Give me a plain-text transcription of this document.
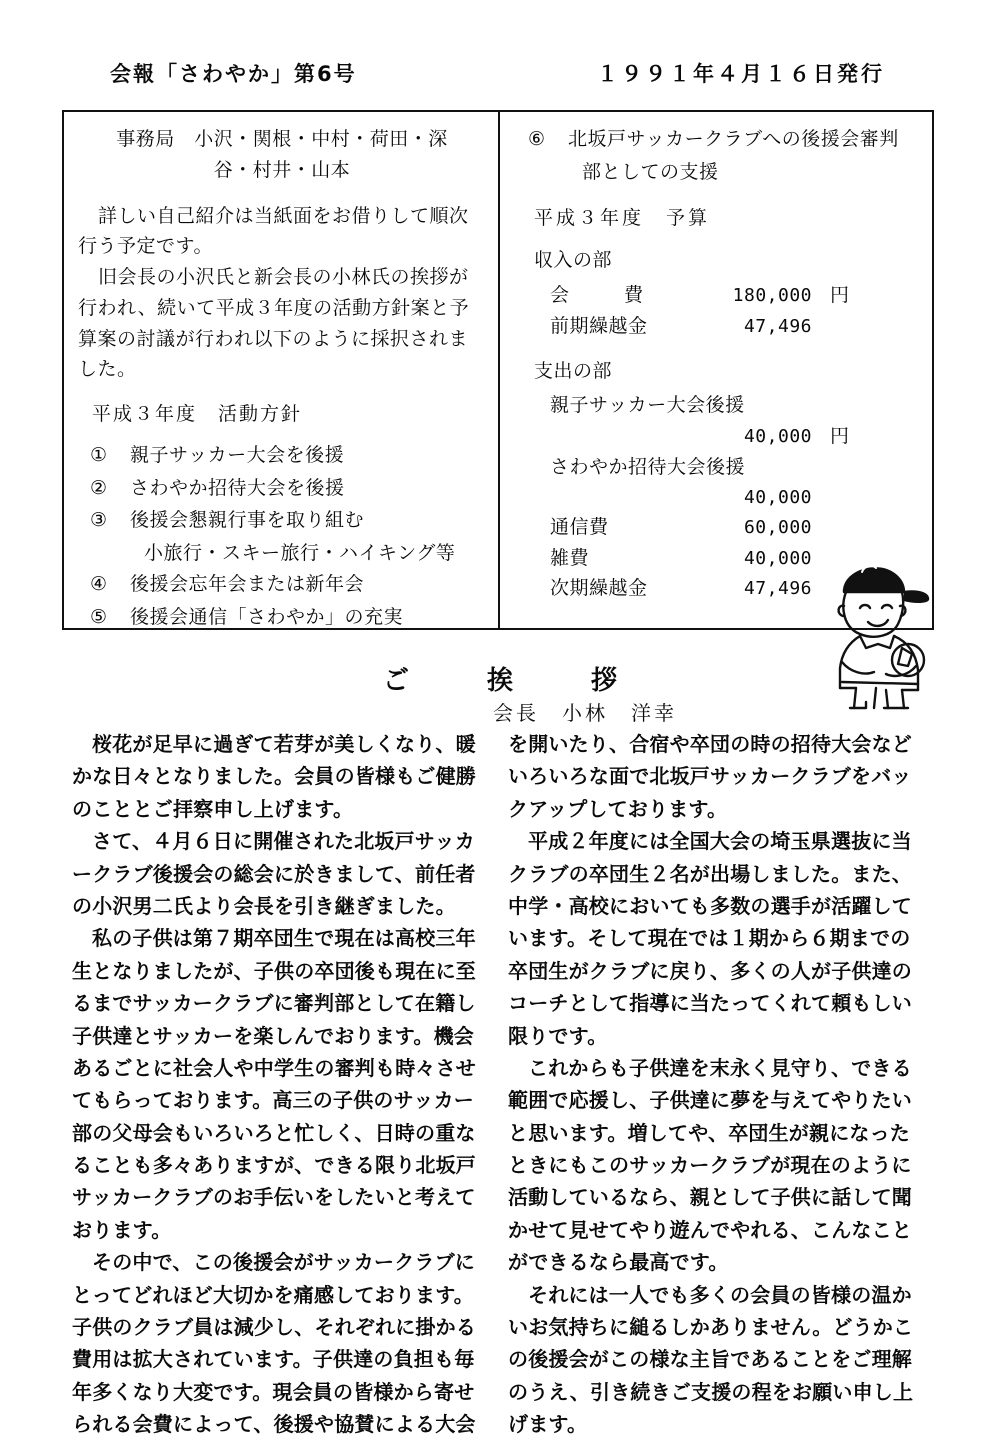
会報「さわやか」第6号	１９９１年４月１６日発行
事務局　小沢・関根・中村・荷田・深
谷・村井・山本
詳しい自己紹介は当紙面をお借りして順次行う予定です。
旧会長の小沢氏と新会長の小林氏の挨拶が行われ、続いて平成３年度の活動方針案と予算案の討議が行われ以下のように採択されました。
平成３年度　活動方針
①	親子サッカー大会を後援
②	さわやか招待大会を後援
③	後援会懇親行事を取り組む
小旅行・スキー旅行・ハイキング等
④	後援会忘年会または新年会
⑤	後援会通信「さわやか」の充実
⑥	北坂戸サッカークラブへの後援会審判
部としての支援
平成３年度　予算
収入の部
会　費	180,000 円
前期繰越金	47,496
支出の部
親子サッカー大会後援
40,000 円
さわやか招待大会後援
40,000
通信費	60,000
雑費	40,000
次期繰越金	47,496
ご　挨　拶
会長　小林　洋幸

桜花が足早に過ぎて若芽が美しくなり、暖かな日々となりました。会員の皆様もご健勝のこととご拝察申し上げます。

さて、４月６日に開催された北坂戸サッカークラブ後援会の総会に於きまして、前任者の小沢男二氏より会長を引き継ぎました。

私の子供は第７期卒団生で現在は高校三年生となりましたが、子供の卒団後も現在に至るまでサッカークラブに審判部として在籍し子供達とサッカーを楽しんでおります。機会あるごとに社会人や中学生の審判も時々させてもらっております。高三の子供のサッカー部の父母会もいろいろと忙しく、日時の重なることも多々ありますが、できる限り北坂戸サッカークラブのお手伝いをしたいと考えております。

その中で、この後援会がサッカークラブにとってどれほど大切かを痛感しております。子供のクラブ員は減少し、それぞれに掛かる費用は拡大されています。子供達の負担も毎年多くなり大変です。現会員の皆様から寄せられる会費によって、後援や協賛による大会

を開いたり、合宿や卒団の時の招待大会などいろいろな面で北坂戸サッカークラブをバックアップしております。

平成２年度には全国大会の埼玉県選抜に当クラブの卒団生２名が出場しました。また、中学・高校においても多数の選手が活躍しています。そして現在では１期から６期までの卒団生がクラブに戻り、多くの人が子供達のコーチとして指導に当たってくれて頼もしい限りです。

これからも子供達を末永く見守り、できる範囲で応援し、子供達に夢を与えてやりたいと思います。増してや、卒団生が親になったときにもこのサッカークラブが現在のように活動しているなら、親として子供に話して聞かせて見せてやり遊んでやれる、こんなことができるなら最高です。

それには一人でも多くの会員の皆様の温かいお気持ちに縋るしかありません。どうかこの後援会がこの様な主旨であることをご理解のうえ、引き続きご支援の程をお願い申し上げます。
